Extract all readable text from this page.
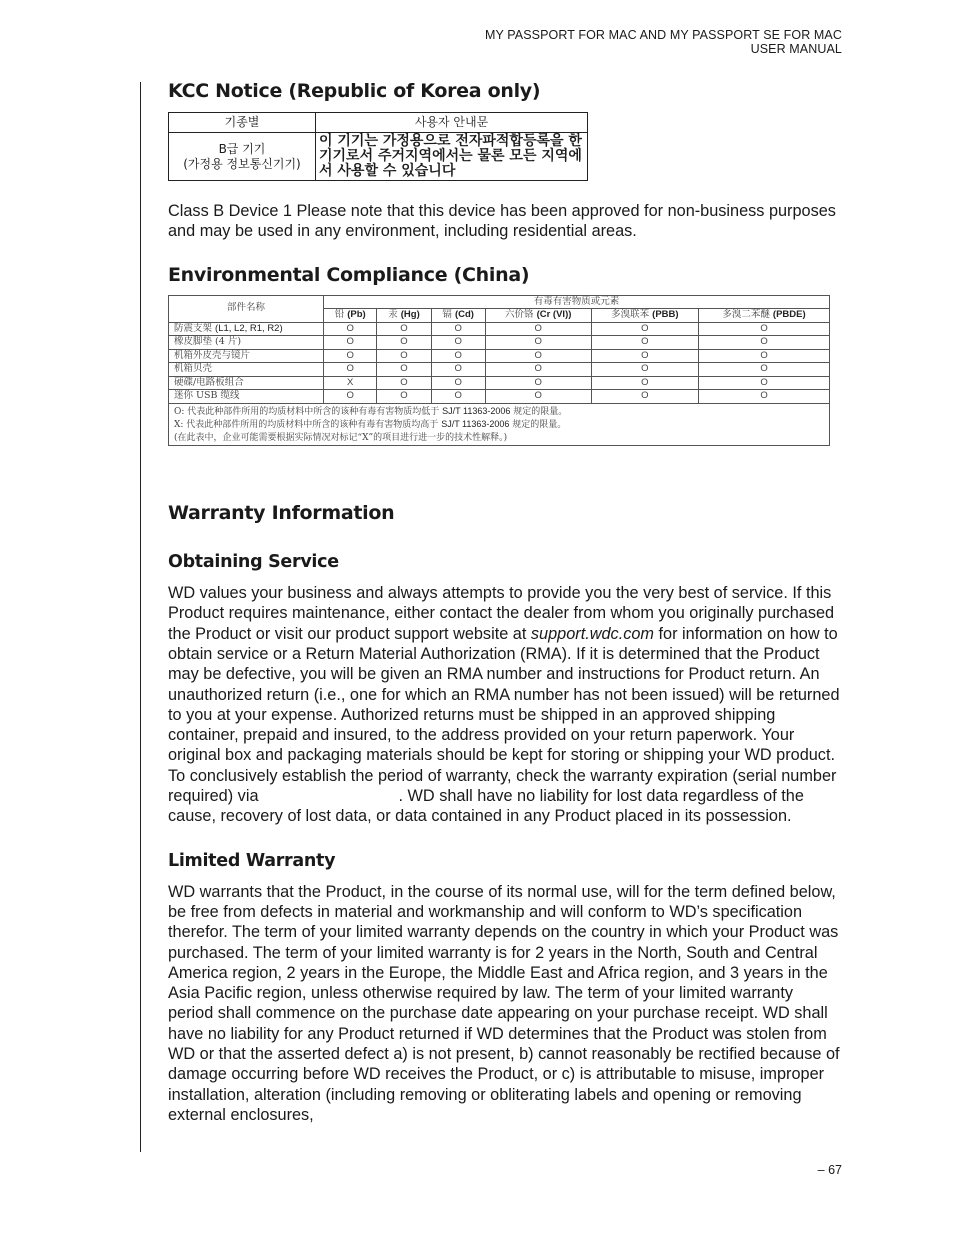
MY PASSPORT FOR MAC AND MY PASSPORT SE FOR MAC
USER MANUAL
KCC Notice (Republic of Korea only)
기종별	사용자 안내문

B급 기기
(가정용 정보통신기기)	이 기기는 가정용으로 전자파적합등록을 한 기기로서 주거지역에서는 물론 모든 지역에서 사용할 수 있습니다

Class B Device 1 Please note that this device has been approved for non-business purposes and may be used in any environment, including residential areas.

Environmental Compliance (China)
部件名称	有毒有害物质或元素					
	铅 (Pb)	汞 (Hg)	镉 (Cd)	六价铬 (Cr (VI))	多溴联苯 (PBB)	多溴二苯醚 (PBDE)
防震支架 (L1, L2, R1, R2)	O	O	O	O	O	O
橡皮脚垫 (4 片)	O	O	O	O	O	O
机箱外皮壳与镜片	O	O	O	O	O	O
机箱贝壳	O	O	O	O	O	O
硬碟/电路板组合	X	O	O	O	O	O
迷你 USB 缆线	O	O	O	O	O	O

O: 代表此种部件所用的均质材料中所含的该种有毒有害物质均低于 SJ/T 11363-2006 规定的限量。
X: 代表此种部件所用的均质材料中所含的该种有毒有害物质均高于 SJ/T 11363-2006 规定的限量。
(在此表中，企业可能需要根据实际情况对标记“X”的项目进行进一步的技术性解释。)						
Warranty Information
Obtaining Service

WD values your business and always attempts to provide you the very best of service. If this Product requires maintenance, either contact the dealer from whom you originally purchased the Product or visit our product support website at support.wdc.com for information on how to obtain service or a Return Material Authorization (RMA). If it is determined that the Product may be defective, you will be given an RMA number and instructions for Product return. An unauthorized return (i.e., one for which an RMA number has not been issued) will be returned to you at your expense. Authorized returns must be shipped in an approved shipping container, prepaid and insured, to the address provided on your return paperwork. Your original box and packaging materials should be kept for storing or shipping your WD product. To conclusively establish the period of warranty, check the warranty expiration (serial number required) via	. WD shall have no liability for lost data regardless of the cause, recovery of lost data, or data contained in any Product placed in its possession.

Limited Warranty

WD warrants that the Product, in the course of its normal use, will for the term defined below, be free from defects in material and workmanship and will conform to WD’s specification therefor. The term of your limited warranty depends on the country in which your Product was purchased. The term of your limited warranty is for 2 years in the North, South and Central America region, 2 years in the Europe, the Middle East and Africa region, and 3 years in the Asia Pacific region, unless otherwise required by law. The term of your limited warranty period shall commence on the purchase date appearing on your purchase receipt. WD shall have no liability for any Product returned if WD determines that the Product was stolen from WD or that the asserted defect a) is not present, b) cannot reasonably be rectified because of damage occurring before WD receives the Product, or c) is attributable to misuse, improper installation, alteration (including removing or obliterating labels and opening or removing external enclosures,

– 67
